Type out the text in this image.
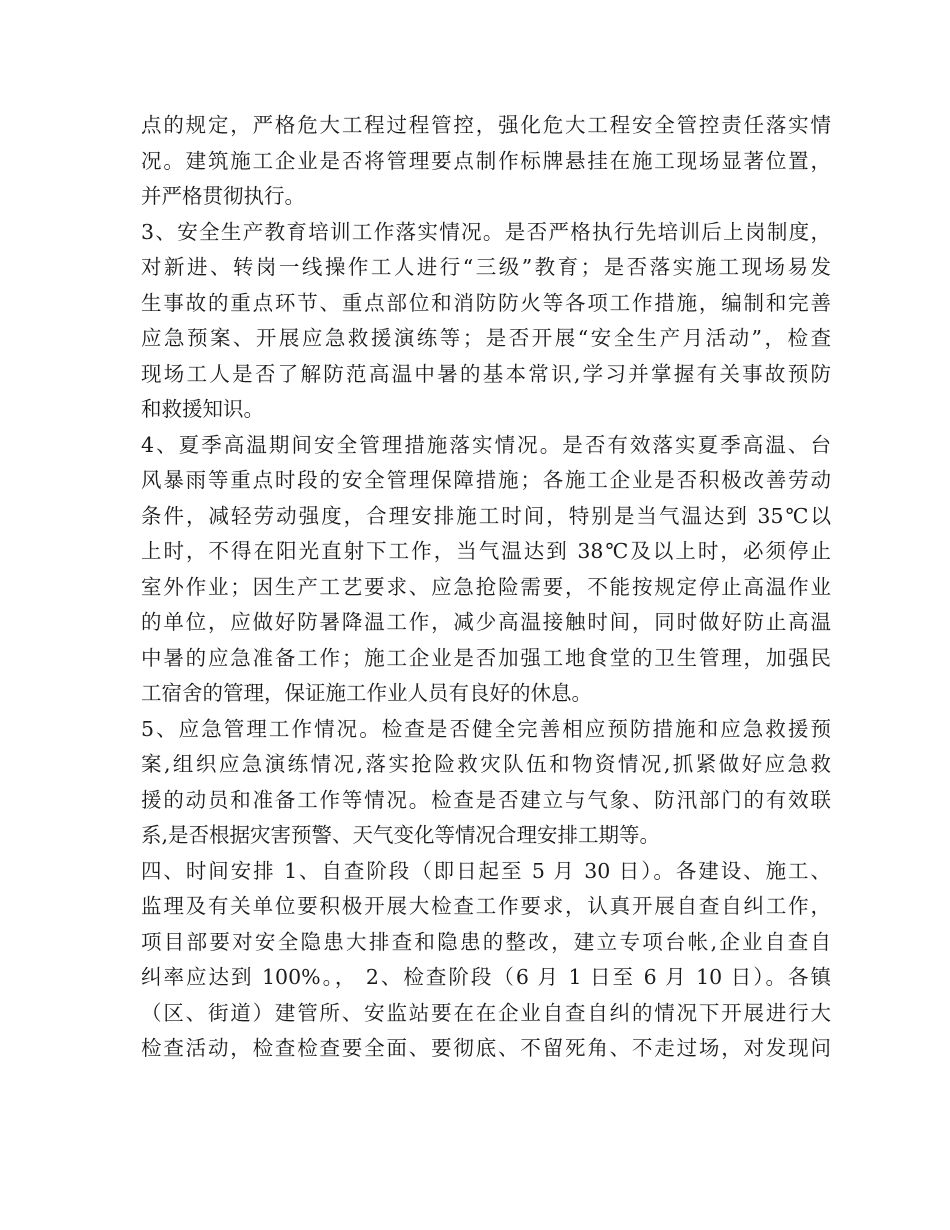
点的规定，严格危大工程过程管控，强化危大工程安全管控责任落实情
况。建筑施工企业是否将管理要点制作标牌悬挂在施工现场显著位置，
并严格贯彻执行。
3、安全生产教育培训工作落实情况。是否严格执行先培训后上岗制度，
对新进、转岗一线操作工人进行“三级”教育；是否落实施工现场易发
生事故的重点环节、重点部位和消防防火等各项工作措施，编制和完善
应急预案、开展应急救援演练等；是否开展“安全生产月活动”，检查
现场工人是否了解防范高温中暑的基本常识,学习并掌握有关事故预防
和救援知识。
4、夏季高温期间安全管理措施落实情况。是否有效落实夏季高温、台
风暴雨等重点时段的安全管理保障措施；各施工企业是否积极改善劳动
条件，减轻劳动强度，合理安排施工时间，特别是当气温达到 35℃以
上时，不得在阳光直射下工作，当气温达到 38℃及以上时，必须停止
室外作业；因生产工艺要求、应急抢险需要，不能按规定停止高温作业
的单位，应做好防暑降温工作，减少高温接触时间，同时做好防止高温
中暑的应急准备工作；施工企业是否加强工地食堂的卫生管理，加强民
工宿舍的管理，保证施工作业人员有良好的休息。
5、应急管理工作情况。检查是否健全完善相应预防措施和应急救援预
案,组织应急演练情况,落实抢险救灾队伍和物资情况,抓紧做好应急救
援的动员和准备工作等情况。检查是否建立与气象、防汛部门的有效联
系,是否根据灾害预警、天气变化等情况合理安排工期等。
四、时间安排 1、自查阶段（即日起至 5 月 30 日）。各建设、施工、
监理及有关单位要积极开展大检查工作要求，认真开展自查自纠工作，
项目部要对安全隐患大排查和隐患的整改，建立专项台帐,企业自查自
纠率应达到 100%。， 2、检查阶段（6 月 1 日至 6 月 10 日）。各镇
（区、街道）建管所、安监站要在在企业自查自纠的情况下开展进行大
检查活动，检查检查要全面、要彻底、不留死角、不走过场，对发现问
